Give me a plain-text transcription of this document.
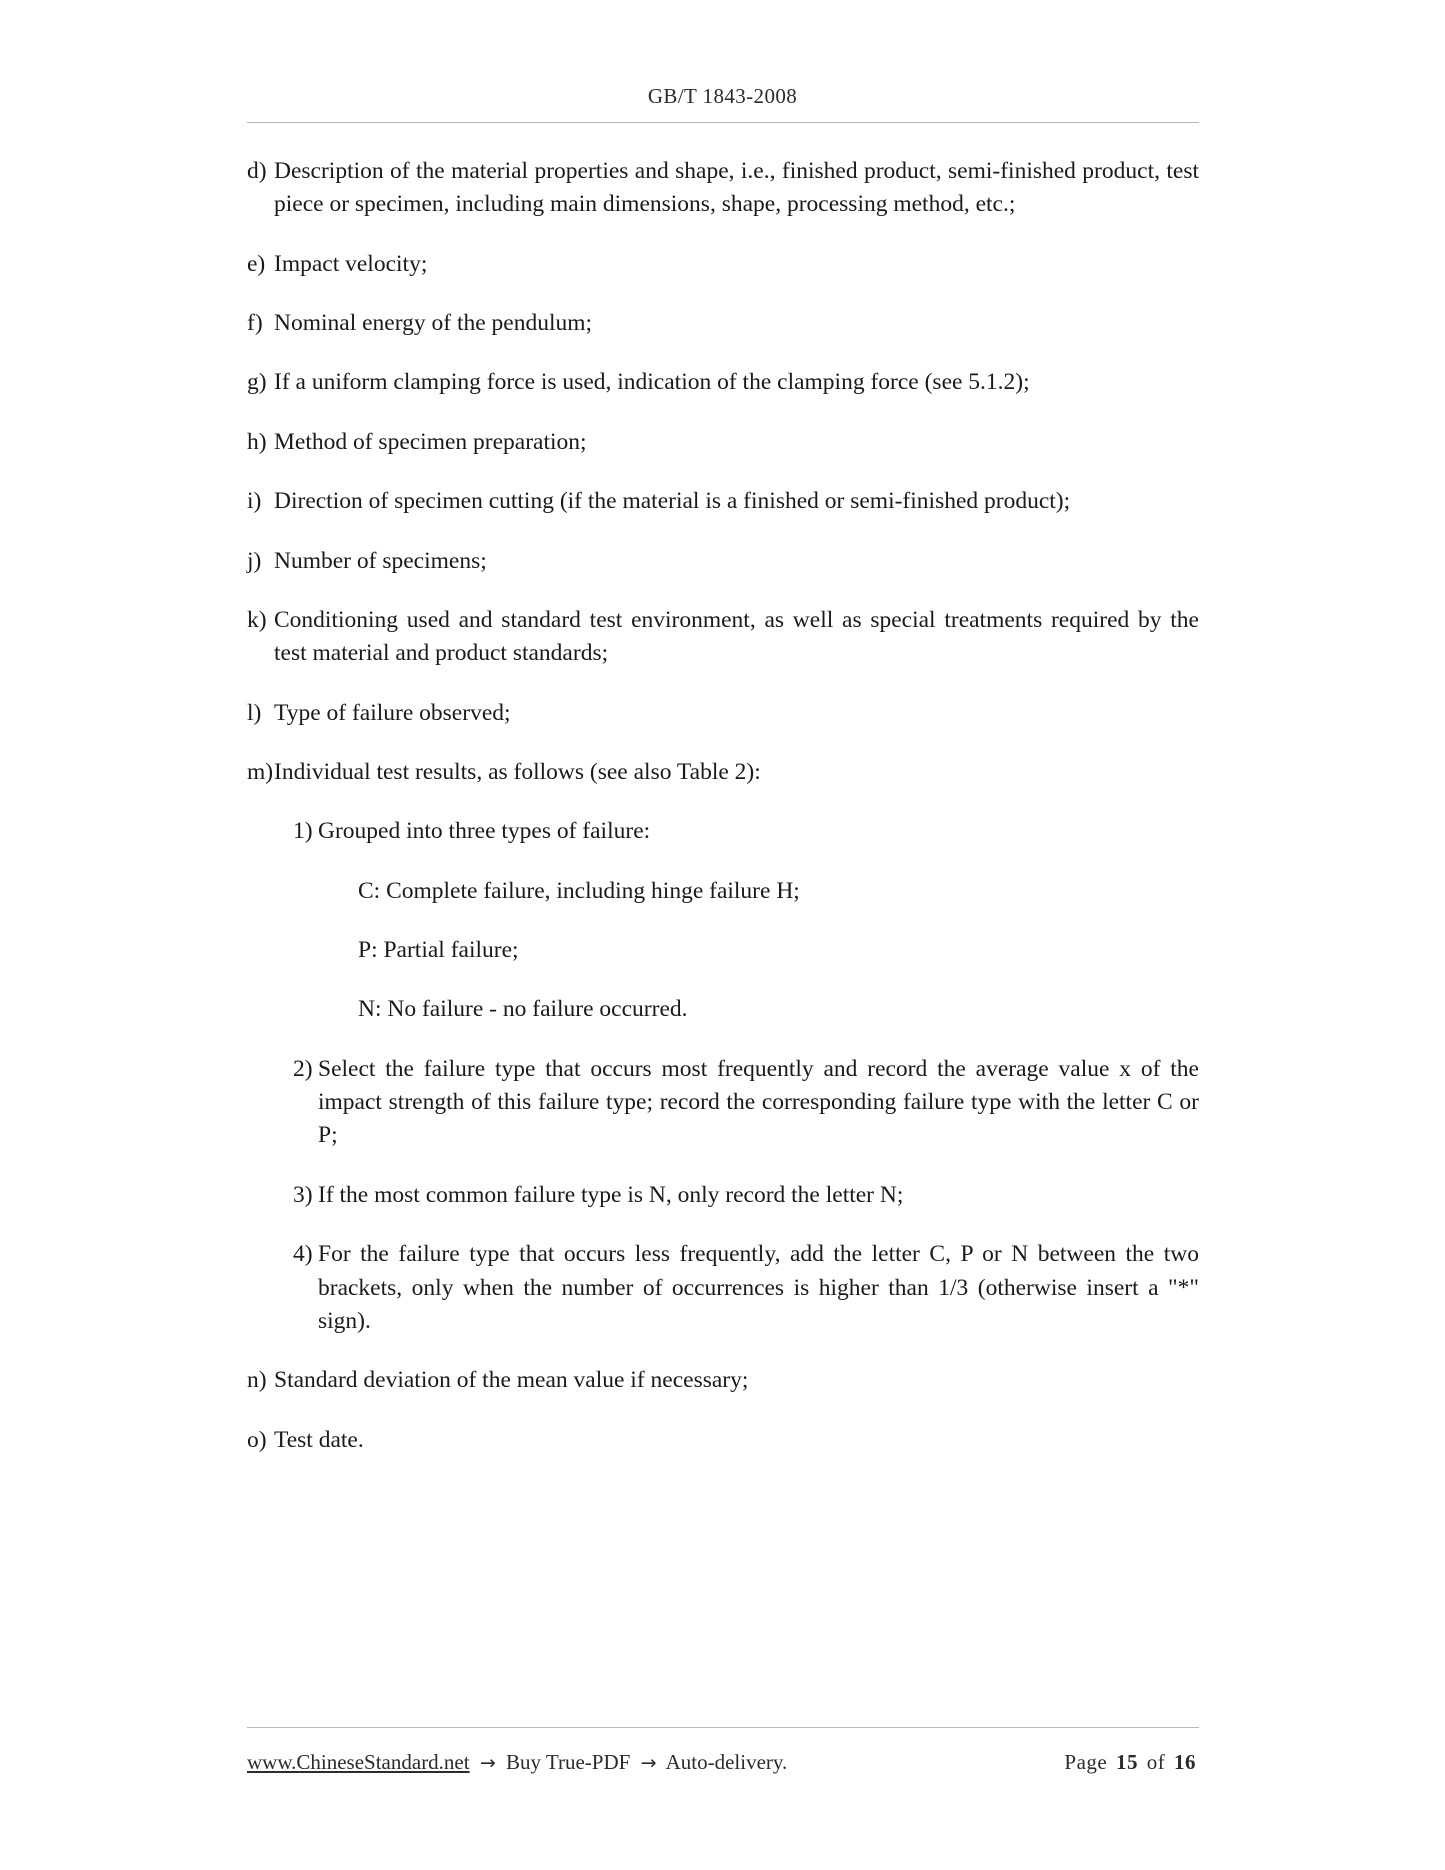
GB/T 1843-2008
d) Description of the material properties and shape, i.e., finished product, semi-finished product, test piece or specimen, including main dimensions, shape, processing method, etc.;
e) Impact velocity;
f) Nominal energy of the pendulum;
g) If a uniform clamping force is used, indication of the clamping force (see 5.1.2);
h) Method of specimen preparation;
i) Direction of specimen cutting (if the material is a finished or semi-finished product);
j) Number of specimens;
k) Conditioning used and standard test environment, as well as special treatments required by the test material and product standards;
l) Type of failure observed;
m) Individual test results, as follows (see also Table 2):
1) Grouped into three types of failure:
C: Complete failure, including hinge failure H;
P: Partial failure;
N: No failure - no failure occurred.
2) Select the failure type that occurs most frequently and record the average value x of the impact strength of this failure type; record the corresponding failure type with the letter C or P;
3) If the most common failure type is N, only record the letter N;
4) For the failure type that occurs less frequently, add the letter C, P or N between the two brackets, only when the number of occurrences is higher than 1/3 (otherwise insert a "*" sign).
n) Standard deviation of the mean value if necessary;
o) Test date.
www.ChineseStandard.net → Buy True-PDF → Auto-delivery.	Page 15 of 16
